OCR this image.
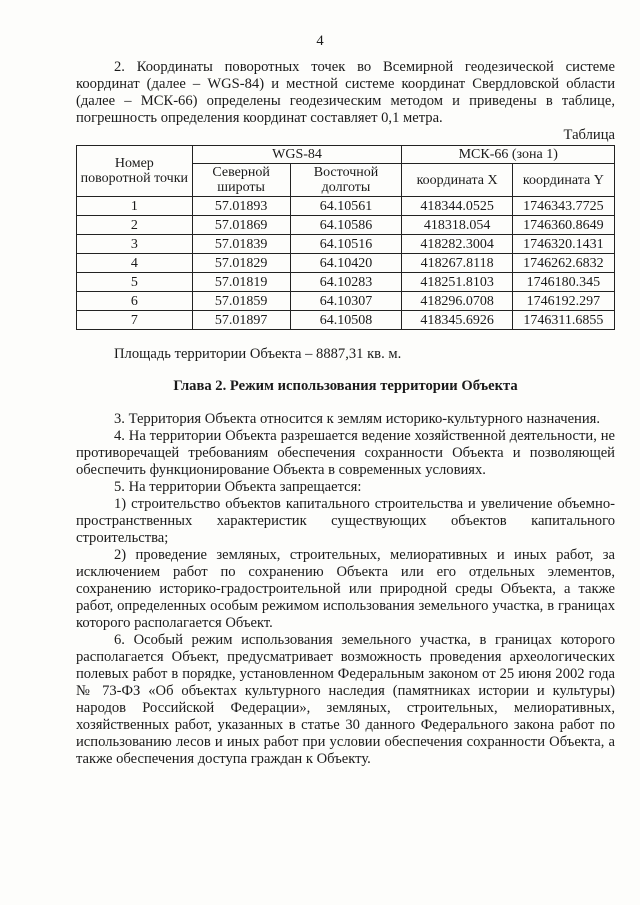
4

2. Координаты поворотных точек во Всемирной геодезической системе координат (далее – WGS-84) и местной системе координат Свердловской области (далее – МСК-66) определены геодезическим методом и приведены в таблице, погрешность определения координат составляет 0,1 метра.

Таблица

Номер поворотной точки	WGS-84		МСК-66 (зона 1)	
	Северной широты	Восточной долготы	координата X	координата Y
1	57.01893	64.10561	418344.0525	1746343.7725
2	57.01869	64.10586	418318.054	1746360.8649
3	57.01839	64.10516	418282.3004	1746320.1431
4	57.01829	64.10420	418267.8118	1746262.6832
5	57.01819	64.10283	418251.8103	1746180.345
6	57.01859	64.10307	418296.0708	1746192.297
7	57.01897	64.10508	418345.6926	1746311.6855

Площадь территории Объекта – 8887,31 кв. м.

Глава 2. Режим использования территории Объекта

3. Территория Объекта относится к землям историко-культурного назначения.

4. На территории Объекта разрешается ведение хозяйственной деятельности, не противоречащей требованиям обеспечения сохранности Объекта и позволяющей обеспечить функционирование Объекта в современных условиях.

5. На территории Объекта запрещается:

1) строительство объектов капитального строительства и увеличение объемно-пространственных характеристик существующих объектов капитального строительства;

2) проведение земляных, строительных, мелиоративных и иных работ, за исключением работ по сохранению Объекта или его отдельных элементов, сохранению историко-градостроительной или природной среды Объекта, а также работ, определенных особым режимом использования земельного участка, в границах которого располагается Объект.

6. Особый режим использования земельного участка, в границах которого располагается Объект, предусматривает возможность проведения археологических полевых работ в порядке, установленном Федеральным законом от 25 июня 2002 года № 73-ФЗ «Об объектах культурного наследия (памятниках истории и культуры) народов Российской Федерации», земляных, строительных, мелиоративных, хозяйственных работ, указанных в статье 30 данного Федерального закона работ по использованию лесов и иных работ при условии обеспечения сохранности Объекта, а также обеспечения доступа граждан к Объекту.
